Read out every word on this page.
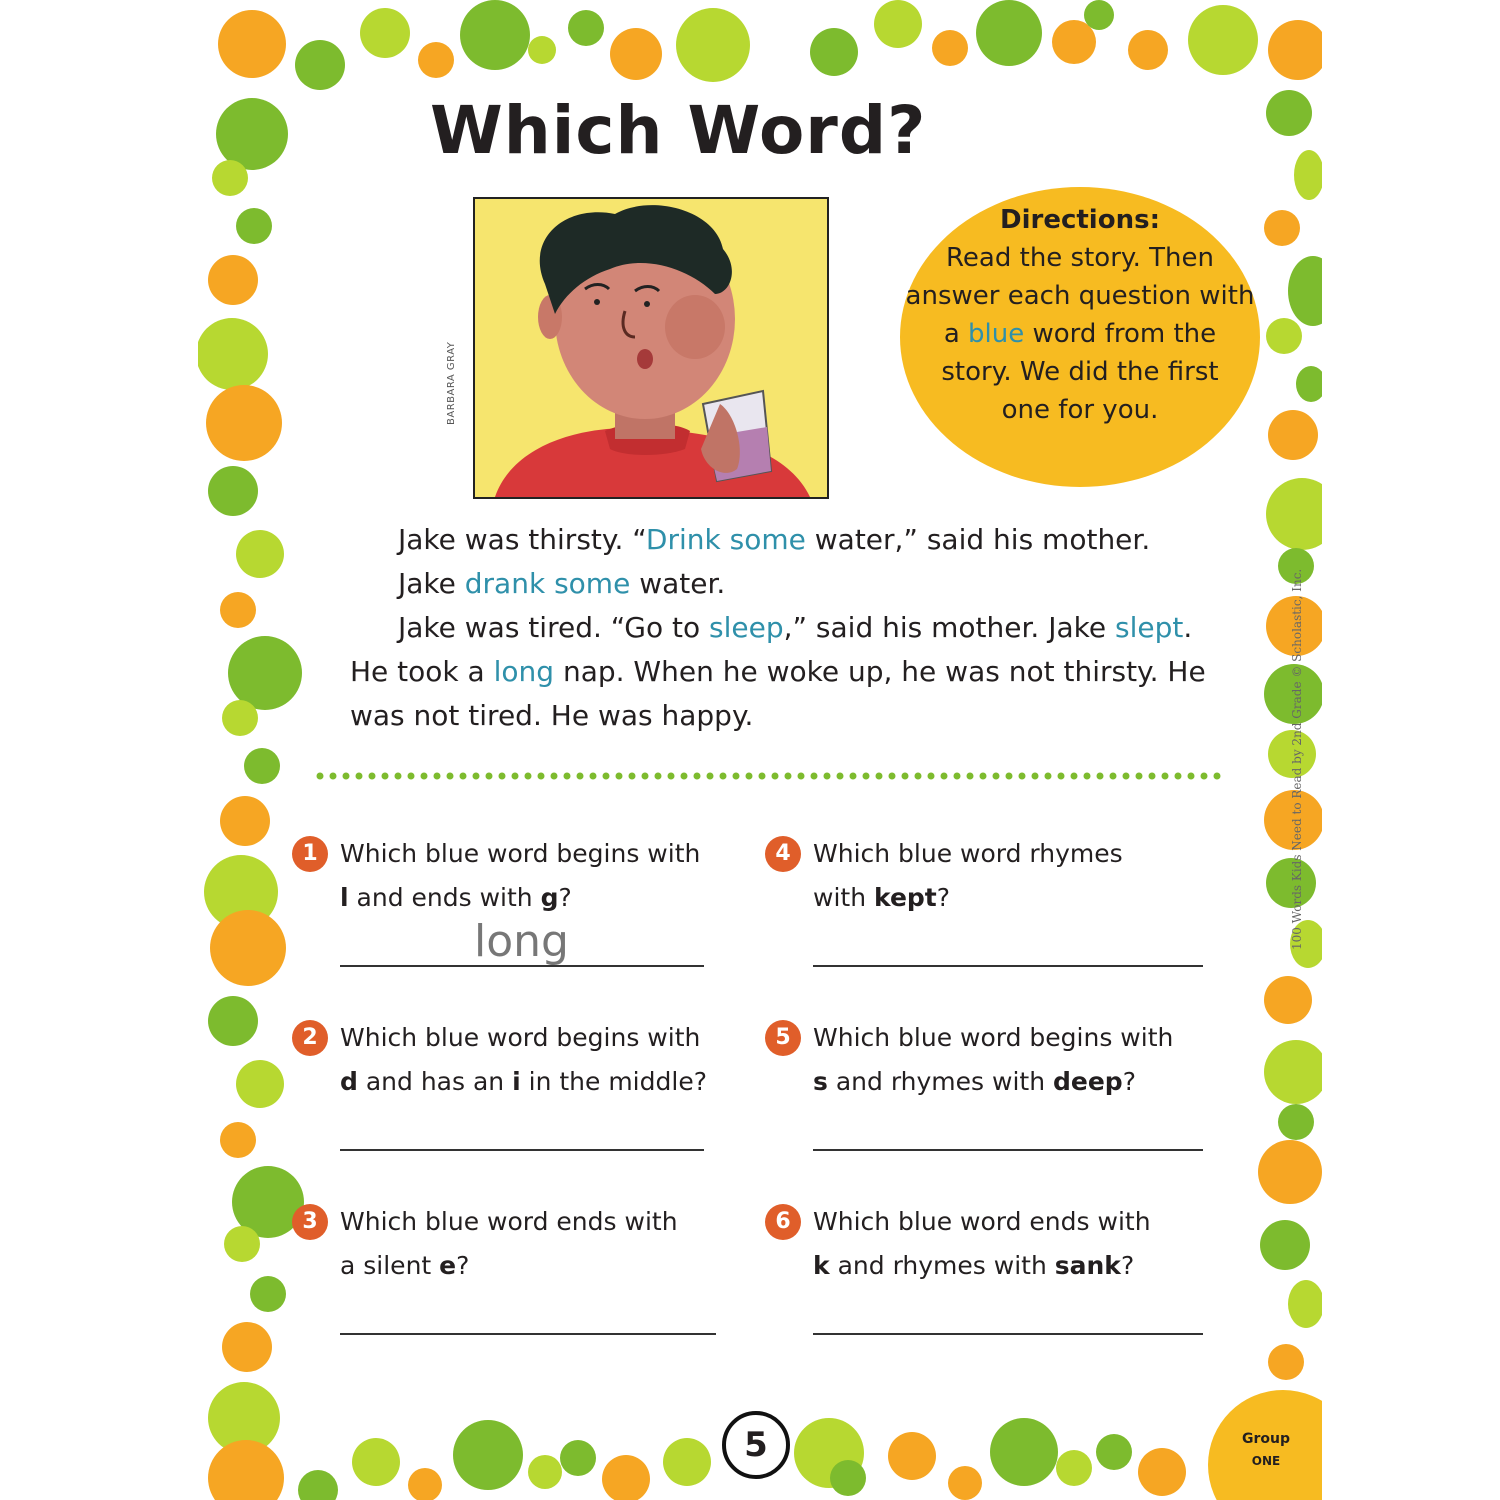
Which Word?
BARBARA GRAY
Directions:
Read the story. Then
answer each question with
a blue word from the
story. We did the first
one for you.

Jake was thirsty. “Drink some water,” said his mother.

Jake drank some water.

Jake was tired. “Go to sleep,” said his mother. Jake slept.

He took a long nap. When he woke up, he was not thirsty. He

was not tired. He was happy.

1 Which blue word begins with
l and ends with g?
long
2 Which blue word begins with
d and has an i in the middle?
3 Which blue word ends with
a silent e?
4 Which blue word rhymes
with kept?
5 Which blue word begins with
s and rhymes with deep?
6 Which blue word ends with
k and rhymes with sank?
5	Group
ONE
100 Words Kids Need to Read by 2nd Grade © Scholastic, Inc.
